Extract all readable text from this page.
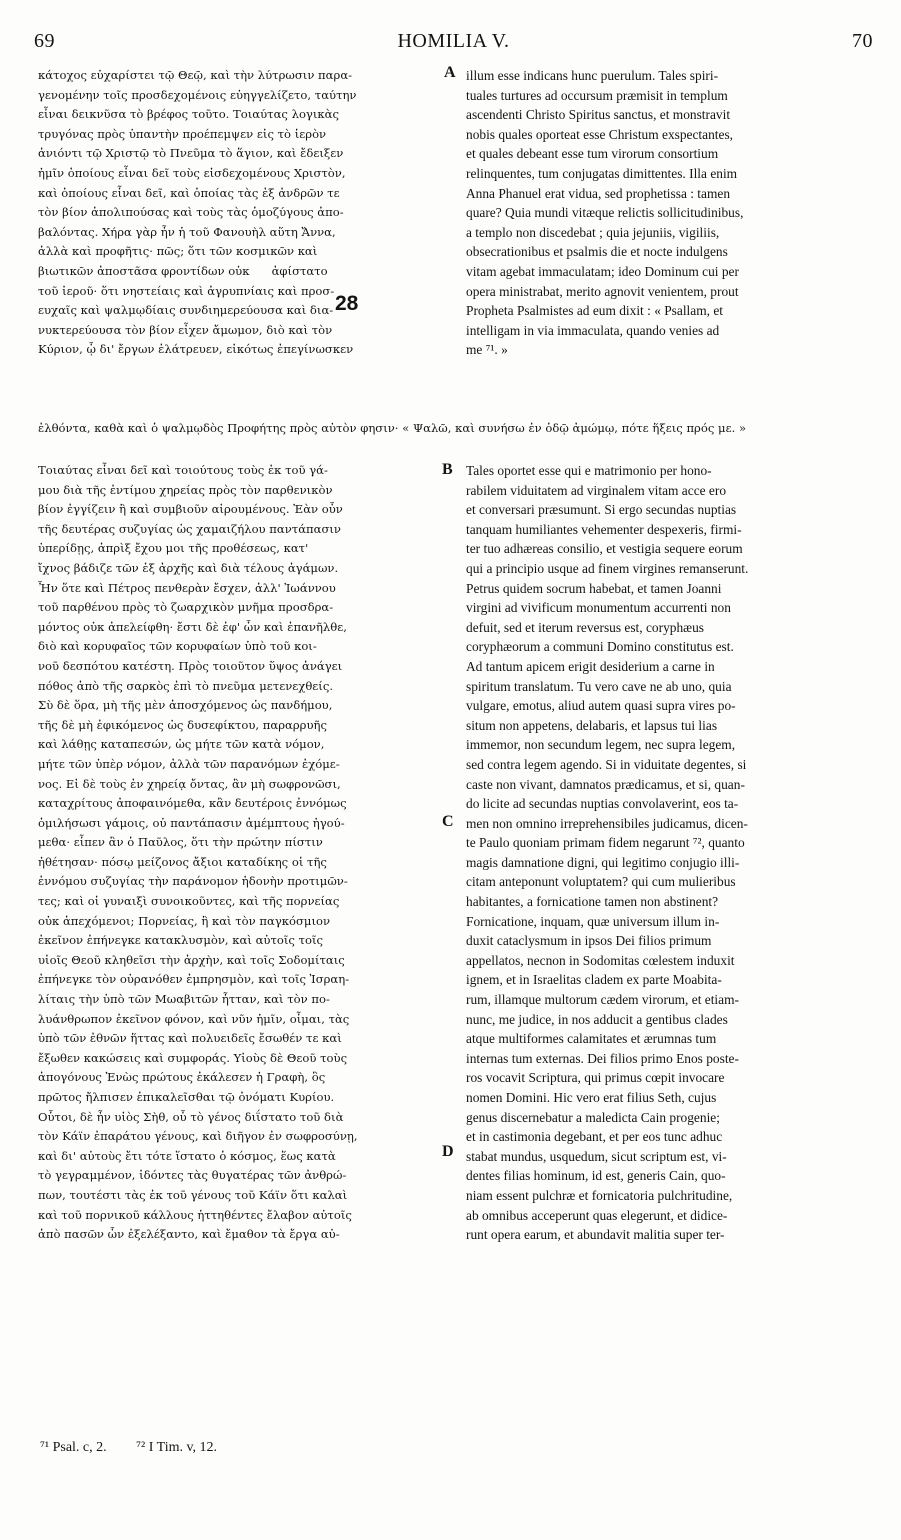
69	HOMILIA V.	70
κάτοχος εὐχαρίστει τῷ Θεῷ, καὶ τὴν λύτρωσιν παρα-
γενομένην τοῖς προσδεχομένοις εὐηγγελίζετο, ταύτην
εἶναι δεικνῦσα τὸ βρέφος τοῦτο. Τοιαύτας λογικὰς
τρυγόνας πρὸς ὑπαντὴν προέπεμψεν εἰς τὸ ἱερὸν
ἀνιόντι τῷ Χριστῷ τὸ Πνεῦμα τὸ ἅγιον, καὶ ἔδειξεν
ἡμῖν ὁποίους εἶναι δεῖ τοὺς εἰσδεχομένους Χριστὸν,
καὶ ὁποίους εἶναι δεῖ, καὶ ὁποίας τὰς ἐξ ἀνδρῶν τε
τὸν βίον ἀπολιπούσας καὶ τοὺς τὰς ὁμοζύγους ἀπο-
βαλόντας. Χήρα γὰρ ἦν ἡ τοῦ Φανουὴλ αὕτη Ἄννα,
ἀλλὰ καὶ προφῆτις· πῶς; ὅτι τῶν κοσμικῶν καὶ
βιωτικῶν ἀποστᾶσα φροντίδων οὐκ      ἀφίστατο
τοῦ ἱεροῦ· ὅτι νηστείαις καὶ ἀγρυπνίαις καὶ προσ-
ευχαῖς καὶ ψαλμῳδίαις συνδιημερεύουσα καὶ δια-
νυκτερεύουσα τὸν βίον εἶχεν ἄμωμον, διὸ καὶ τὸν
Κύριον, ᾧ δι' ἔργων ἐλάτρευεν, εἰκότως ἐπεγίνωσκεν
28
illum esse indicans hunc puerulum. Tales spiri-
tuales turtures ad occursum præmisit in templum
ascendenti Christo Spiritus sanctus, et monstravit
nobis quales oporteat esse Christum exspectantes,
et quales debeant esse tum virorum consortium
relinquentes, tum conjugatas dimittentes. Illa enim
Anna Phanuel erat vidua, sed prophetissa : tamen
quare? Quia mundi vitæque relictis sollicitudinibus,
a templo non discedebat ; quia jejuniis, vigiliis,
obsecrationibus et psalmis die et nocte indulgens
vitam agebat immaculatam; ideo Dominum cui per
opera ministrabat, merito agnovit venientem, prout
Propheta Psalmistes ad eum dixit : « Psallam, et
intelligam in via immaculata, quando venies ad
me ⁷¹. »
ἐλθόντα, καθὰ καὶ ὁ ψαλμῳδὸς Προφήτης πρὸς αὐτὸν φησιν· « Ψαλῶ, καὶ συνήσω ἐν ὁδῷ ἀμώμῳ, πότε ἥξεις πρός με. »
Τοιαύτας εἶναι δεῖ καὶ τοιούτους τοὺς ἐκ τοῦ γά-
μου διὰ τῆς ἐντίμου χηρείας πρὸς τὸν παρθενικὸν
βίον ἐγγίζειν ἢ καὶ συμβιοῦν αἱρουμένους. Ἐὰν οὖν
τῆς δευτέρας συζυγίας ὡς χαμαιζήλου παντάπασιν
ὑπερίδῃς, ἀπρὶξ ἔχου μοι τῆς προθέσεως, κατ'
ἴχνος βάδιζε τῶν ἐξ ἀρχῆς καὶ διὰ τέλους ἀγάμων.
Ἦν ὅτε καὶ Πέτρος πενθερὰν ἔσχεν, ἀλλ' Ἰωάννου
τοῦ παρθένου πρὸς τὸ ζωαρχικὸν μνῆμα προσδρα-
μόντος οὐκ ἀπελείφθη· ἔστι δὲ ἐφ' ὧν καὶ ἐπανῆλθε,
διὸ καὶ κορυφαῖος τῶν κορυφαίων ὑπὸ τοῦ κοι-
νοῦ δεσπότου κατέστη. Πρὸς τοιοῦτον ὕψος ἀνάγει
πόθος ἀπὸ τῆς σαρκὸς ἐπὶ τὸ πνεῦμα μετενεχθείς.
Σὺ δὲ ὅρα, μὴ τῆς μὲν ἀποσχόμενος ὡς πανδήμου,
τῆς δὲ μὴ ἐφικόμενος ὡς δυσεφίκτου, παραρρυῆς
καὶ λάθῃς καταπεσών, ὡς μήτε τῶν κατὰ νόμον,
μήτε τῶν ὑπὲρ νόμον, ἀλλὰ τῶν παρανόμων ἐχόμε-
νος. Εἰ δὲ τοὺς ἐν χηρείᾳ ὄντας, ἂν μὴ σωφρονῶσι,
καταχρίτους ἀποφαινόμεθα, κἂν δευτέροις ἐννόμως
ὁμιλήσωσι γάμοις, οὐ παντάπασιν ἀμέμπτους ἡγού-
μεθα· εἶπεν ἂν ὁ Παῦλος, ὅτι τὴν πρώτην πίστιν
ἠθέτησαν· πόσῳ μείζονος ἄξιοι καταδίκης οἱ τῆς
ἐννόμου συζυγίας τὴν παράνομον ἡδονὴν προτιμῶν-
τες; καὶ οἱ γυναιξὶ συνοικοῦντες, καὶ τῆς πορνείας
οὐκ ἀπεχόμενοι; Πορνείας, ἣ καὶ τὸν παγκόσμιον
ἐκεῖνον ἐπήνεγκε κατακλυσμὸν, καὶ αὐτοῖς τοῖς
υἱοῖς Θεοῦ κληθεῖσι τὴν ἀρχὴν, καὶ τοῖς Σοδομίταις
ἐπήνεγκε τὸν οὐρανόθεν ἐμπρησμὸν, καὶ τοῖς Ἰσραη-
λίταις τὴν ὑπὸ τῶν Μωαβιτῶν ἧτταν, καὶ τὸν πο-
λυάνθρωπον ἐκεῖνον φόνον, καὶ νῦν ἡμῖν, οἶμαι, τὰς
ὑπὸ τῶν ἐθνῶν ἥττας καὶ πολυειδεῖς ἔσωθέν τε καὶ
ἔξωθεν κακώσεις καὶ συμφοράς. Υἱοὺς δὲ Θεοῦ τοὺς
ἀπογόνους Ἐνὼς πρώτους ἐκάλεσεν ἡ Γραφὴ, ὃς
πρῶτος ἤλπισεν ἐπικαλεῖσθαι τῷ ὀνόματι Κυρίου.
Οὗτοι, δὲ ἦν υἱὸς Σὴθ, οὗ τὸ γένος διΐστατο τοῦ διὰ
τὸν Κάϊν ἐπαράτου γένους, καὶ διῆγον ἐν σωφροσύνῃ,
καὶ δι' αὐτοὺς ἔτι τότε ἵστατο ὁ κόσμος, ἕως κατὰ
τὸ γεγραμμένον, ἰδόντες τὰς θυγατέρας τῶν ἀνθρώ-
πων, τουτέστι τὰς ἐκ τοῦ γένους τοῦ Κάϊν ὅτι καλαὶ
καὶ τοῦ πορνικοῦ κάλλους ἡττηθέντες ἔλαβον αὐτοῖς
ἀπὸ πασῶν ὧν ἐξελέξαντο, καὶ ἔμαθον τὰ ἔργα αὐ-
Tales oportet esse qui e matrimonio per hono-
rabilem viduitatem ad virginalem vitam acce ero
et conversari præsumunt. Si ergo secundas nuptias
tanquam humiliantes vehementer despexeris, firmi-
ter tuo adhæreas consilio, et vestigia sequere eorum
qui a principio usque ad finem virgines remanserunt.
Petrus quidem socrum habebat, et tamen Joanni
virgini ad vivificum monumentum accurrenti non
defuit, sed et iterum reversus est, coryphæus
coryphæorum a communi Domino constitutus est.
Ad tantum apicem erigit desiderium a carne in
spiritum translatum. Tu vero cave ne ab uno, quia
vulgare, emotus, aliud autem quasi supra vires po-
situm non appetens, delabaris, et lapsus tui lias
immemor, non secundum legem, nec supra legem,
sed contra legem agendo. Si in viduitate degentes, si
caste non vivant, damnatos prædicamus, et si, quan-
do licite ad secundas nuptias convolaverint, eos ta-
men non omnino irreprehensibiles judicamus, dicen-
te Paulo quoniam primam fidem negarunt ⁷², quanto
magis damnatione digni, qui legitimo conjugio illi-
citam anteponunt voluptatem? qui cum mulieribus
habitantes, a fornicatione tamen non abstinent?
Fornicatione, inquam, quæ universum illum in-
duxit cataclysmum in ipsos Dei filios primum
appellatos, necnon in Sodomitas cœlestem induxit
ignem, et in Israelitas cladem ex parte Moabita-
rum, illamque multorum cædem virorum, et etiam-
nunc, me judice, in nos adducit a gentibus clades
atque multiformes calamitates et ærumnas tum
internas tum externas. Dei filios primo Enos poste-
ros vocavit Scriptura, qui primus cœpit invocare
nomen Domini. Hic vero erat filius Seth, cujus
genus discernebatur a maledicta Cain progenie;
et in castimonia degebant, et per eos tunc adhuc
stabat mundus, usquedum, sicut scriptum est, vi-
dentes filias hominum, id est, generis Cain, quo-
niam essent pulchræ et fornicatoria pulchritudine,
ab omnibus acceperunt quas elegerunt, et didice-
runt opera earum, et abundavit malitia super ter-
A
B
C
D
⁷¹ Psal. c, 2. ⁷² I Tim. v, 12.
